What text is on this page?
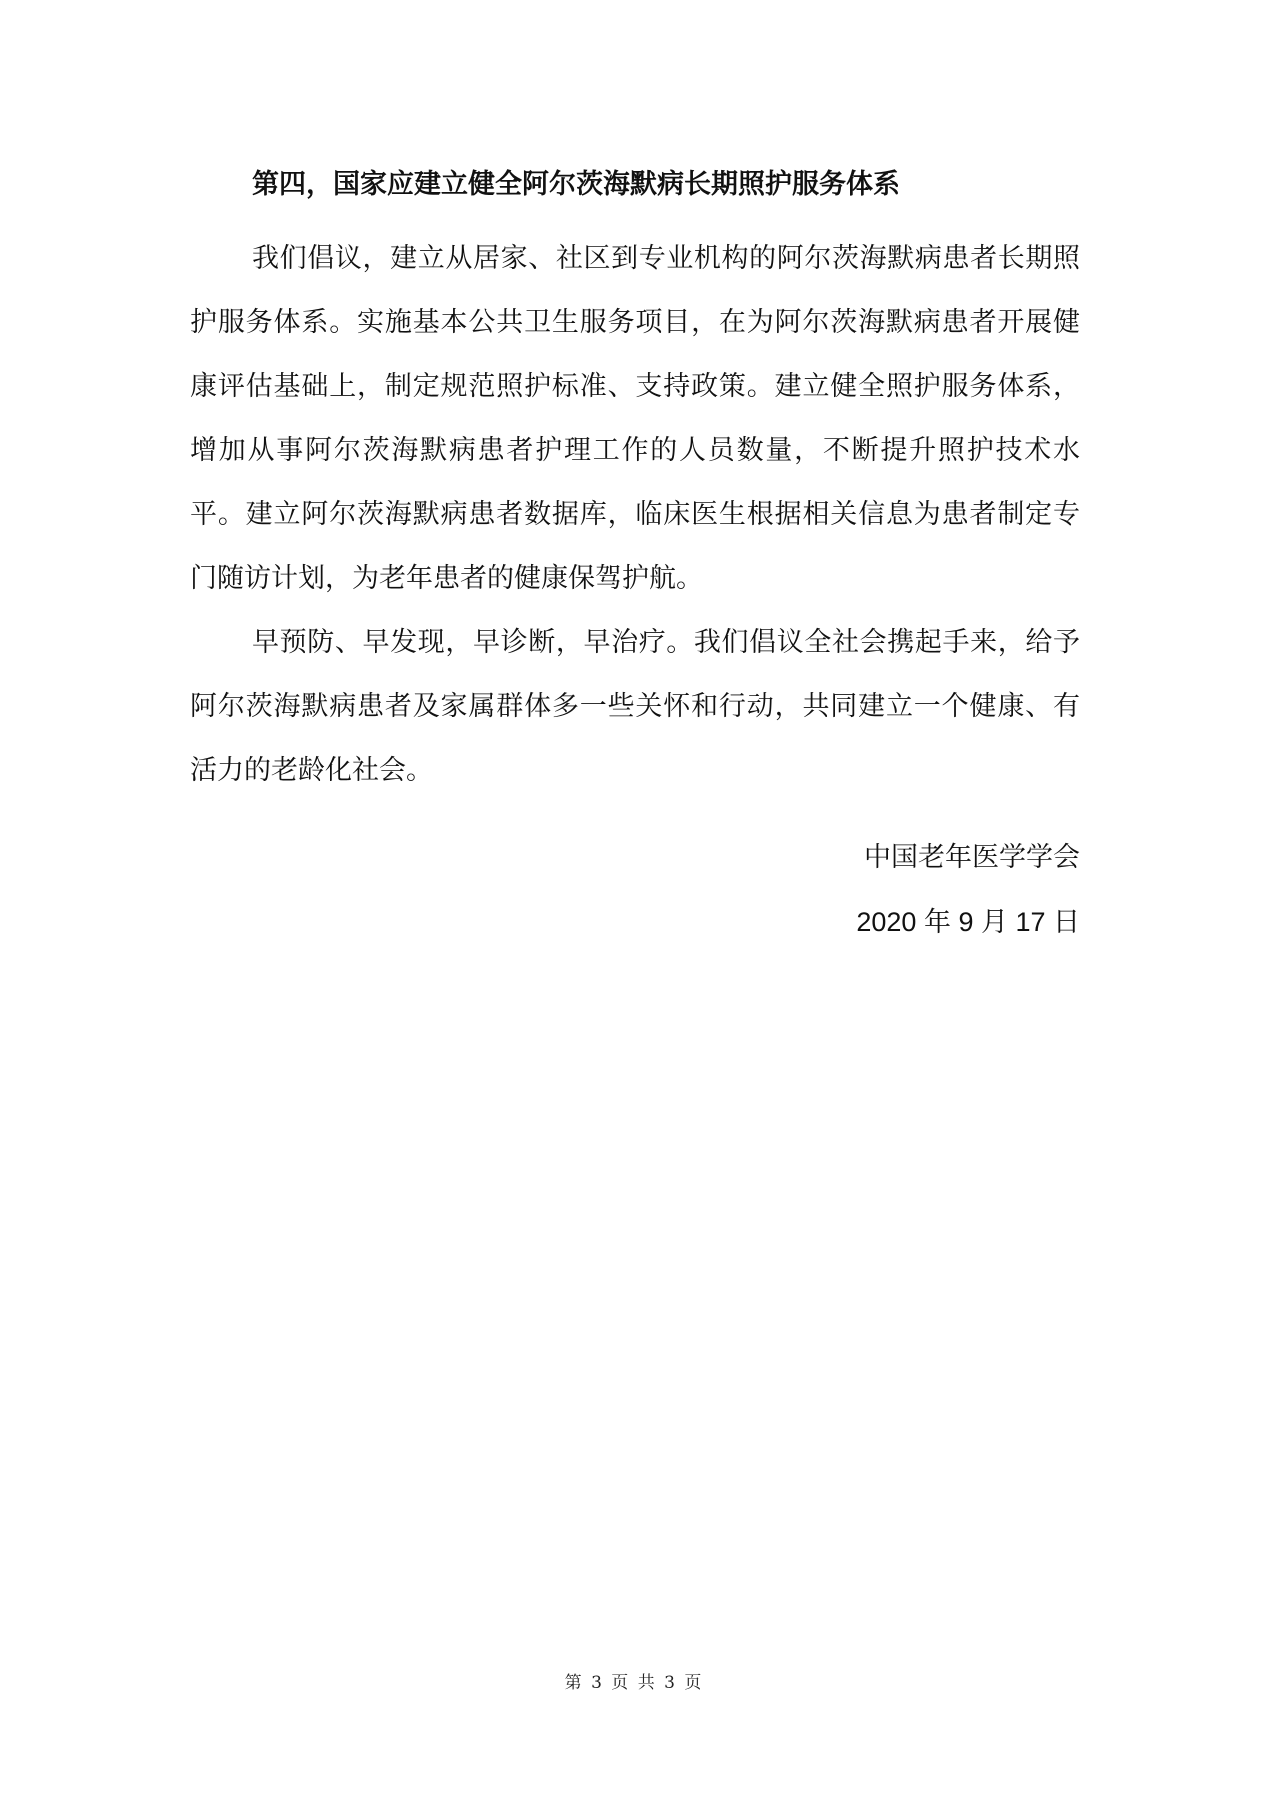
第四，国家应建立健全阿尔茨海默病长期照护服务体系

我们倡议，建立从居家、社区到专业机构的阿尔茨海默病患者长期照护服务体系。实施基本公共卫生服务项目，在为阿尔茨海默病患者开展健康评估基础上，制定规范照护标准、支持政策。建立健全照护服务体系，增加从事阿尔茨海默病患者护理工作的人员数量，不断提升照护技术水平。建立阿尔茨海默病患者数据库，临床医生根据相关信息为患者制定专门随访计划，为老年患者的健康保驾护航。

早预防、早发现，早诊断，早治疗。我们倡议全社会携起手来，给予阿尔茨海默病患者及家属群体多一些关怀和行动，共同建立一个健康、有活力的老龄化社会。

中国老年医学学会
2020 年 9 月 17 日
第 3 页 共 3 页
